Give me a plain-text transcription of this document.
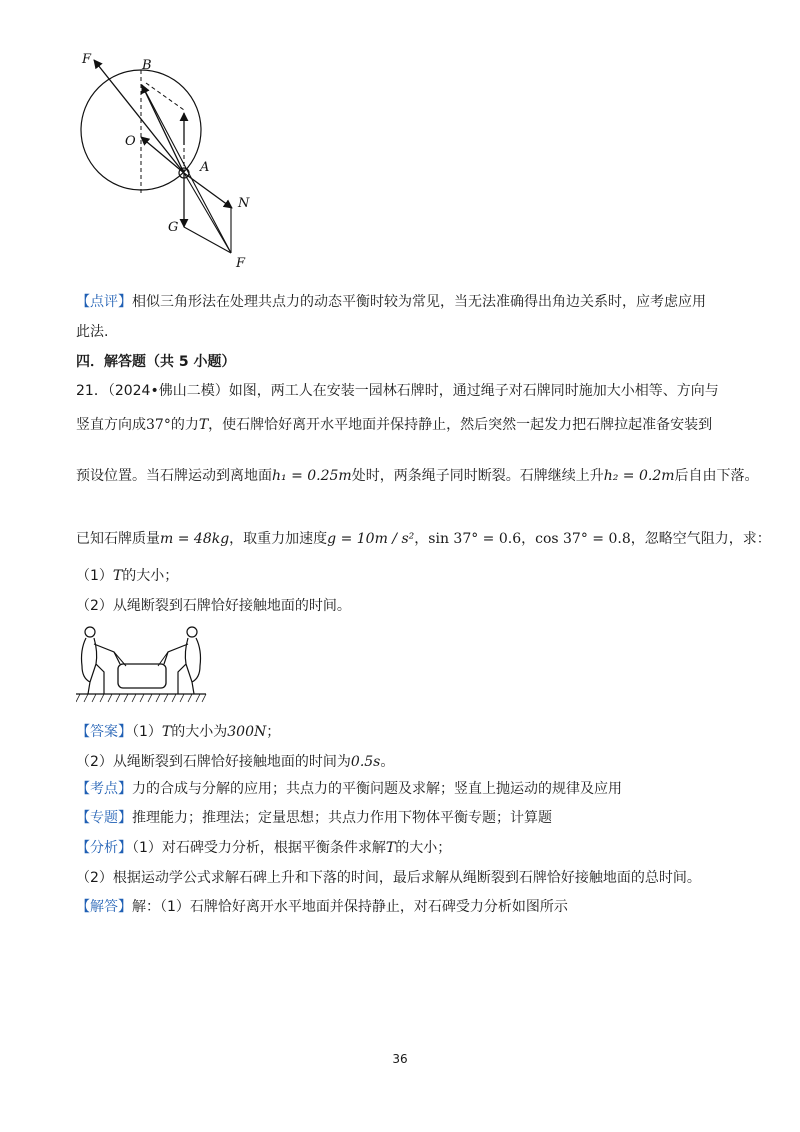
F	B
O
A
N
G
F
【点评】相似三角形法在处理共点力的动态平衡时较为常见，当无法准确得出角边关系时，应考虑应用
此法.
四．解答题（共 5 小题）
21．（2024•佛山二模）如图，两工人在安装一园林石牌时，通过绳子对石牌同时施加大小相等、方向与
竖直方向成37°的力T，使石牌恰好离开水平地面并保持静止，然后突然一起发力把石牌拉起准备安装到
预设位置。当石牌运动到离地面h₁ = 0.25m处时，两条绳子同时断裂。石牌继续上升h₂ = 0.2m后自由下落。
已知石牌质量m = 48kg，取重力加速度g = 10m / s²，sin 37° = 0.6，cos 37° = 0.8，忽略空气阻力，求：
（1）T的大小；
（2）从绳断裂到石牌恰好接触地面的时间。
【答案】（1）T的大小为300N；
（2）从绳断裂到石牌恰好接触地面的时间为0.5s。
【考点】力的合成与分解的应用；共点力的平衡问题及求解；竖直上抛运动的规律及应用
【专题】推理能力；推理法；定量思想；共点力作用下物体平衡专题；计算题
【分析】（1）对石碑受力分析，根据平衡条件求解T的大小；
（2）根据运动学公式求解石碑上升和下落的时间，最后求解从绳断裂到石牌恰好接触地面的总时间。
【解答】解：（1）石牌恰好离开水平地面并保持静止，对石碑受力分析如图所示
36
